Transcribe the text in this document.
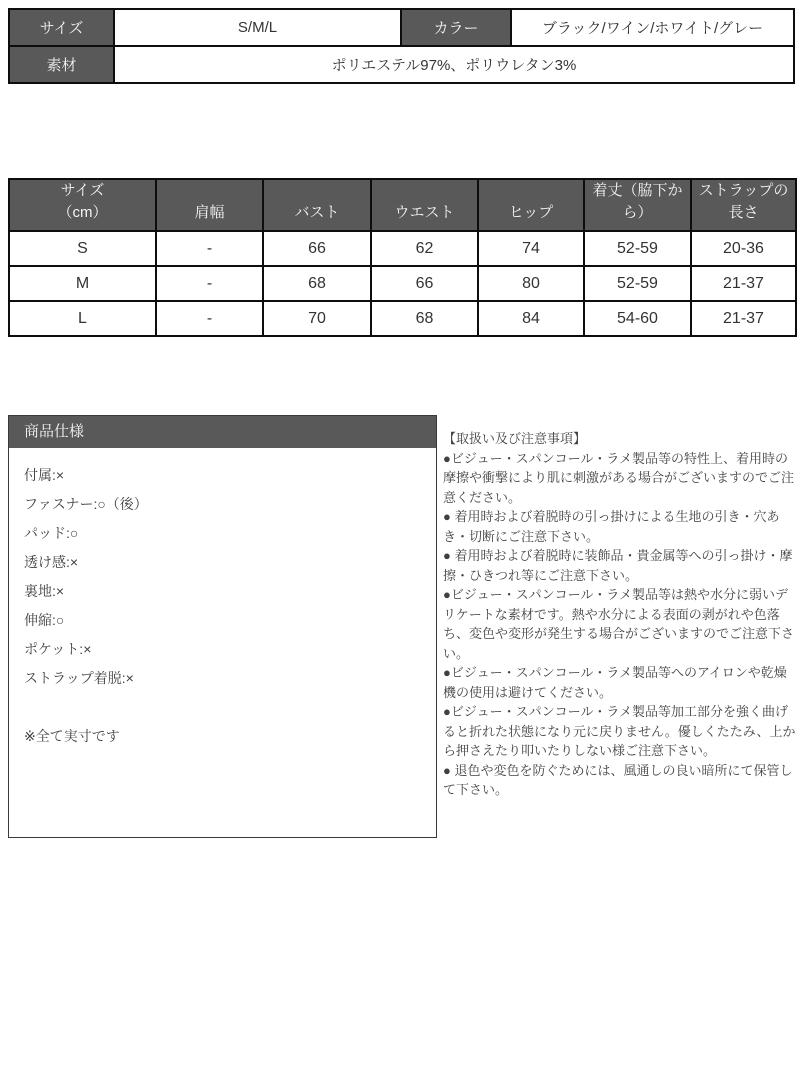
サイズ	S/M/L	カラー	ブラック/ワイン/ホワイト/グレー
素材	ポリエステル97%、ポリウレタン3%		
サイズ
（cm）	肩幅	バスト	ウエスト	ヒップ	着丈（脇下から）	ストラップの長さ
S	-	66	62	74	52-59	20-36
M	-	68	66	80	52-59	21-37
L	-	70	68	84	54-60	21-37
商品仕様
付属:×
ファスナー:○（後）
パッド:○
透け感:×
裏地:×
伸縮:○
ポケット:×
ストラップ着脱:×
※全て実寸です

【取扱い及び注意事項】

●ビジュー・スパンコール・ラメ製品等の特性上、着用時の摩擦や衝撃により肌に刺激がある場合がございますのでご注意ください。

● 着用時および着脱時の引っ掛けによる生地の引き・穴あき・切断にご注意下さい。

● 着用時および着脱時に装飾品・貴金属等への引っ掛け・摩擦・ひきつれ等にご注意下さい。

●ビジュー・スパンコール・ラメ製品等は熱や水分に弱いデリケートな素材です。熱や水分による表面の剥がれや色落ち、変色や変形が発生する場合がございますのでご注意下さい。

●ビジュー・スパンコール・ラメ製品等へのアイロンや乾燥機の使用は避けてください。

●ビジュー・スパンコール・ラメ製品等加工部分を強く曲げると折れた状態になり元に戻りません。優しくたたみ、上から押さえたり叩いたりしない様ご注意下さい。

● 退色や変色を防ぐためには、風通しの良い暗所にて保管して下さい。
